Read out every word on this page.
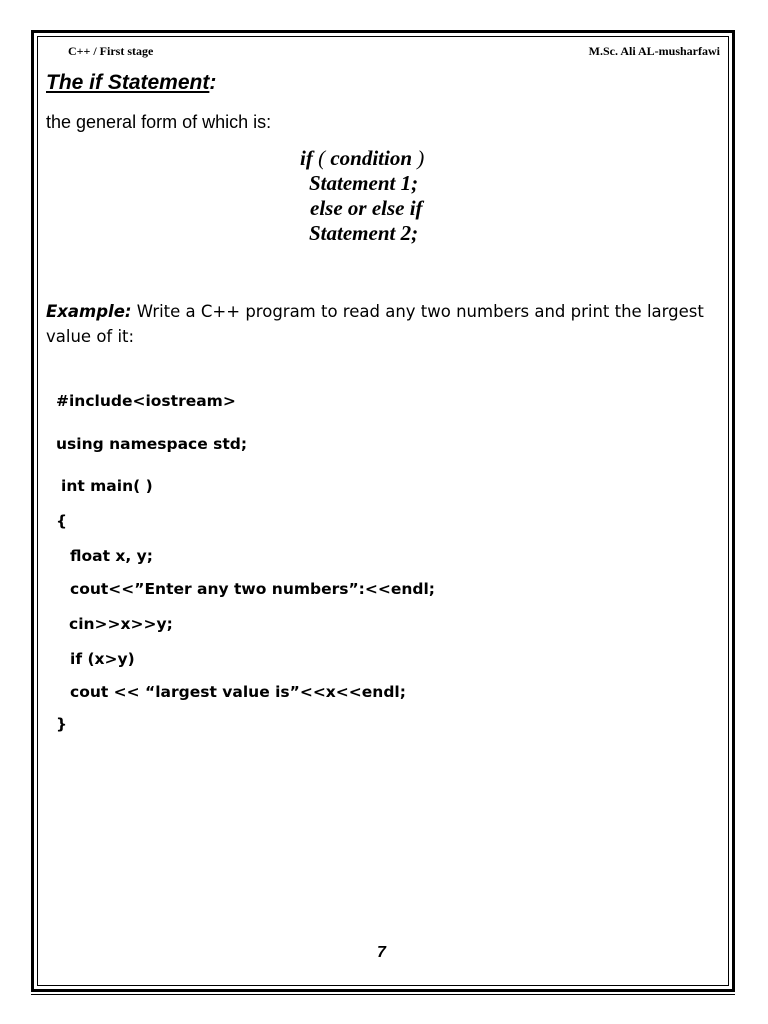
C++ / First stage	M.Sc. Ali AL-musharfawi
The if Statement:
the general form of which is:
if ( condition )
Statement 1;
else or else if
Statement 2;
Example: Write a C++ program to read any two numbers and print the largest value of it:
#include<iostream>
using namespace std;
int main( )
{
float x, y;
cout<<”Enter any two numbers”:<<endl;
cin>>x>>y;
if (x>y)
cout << “largest value is”<<x<<endl;
}
7
